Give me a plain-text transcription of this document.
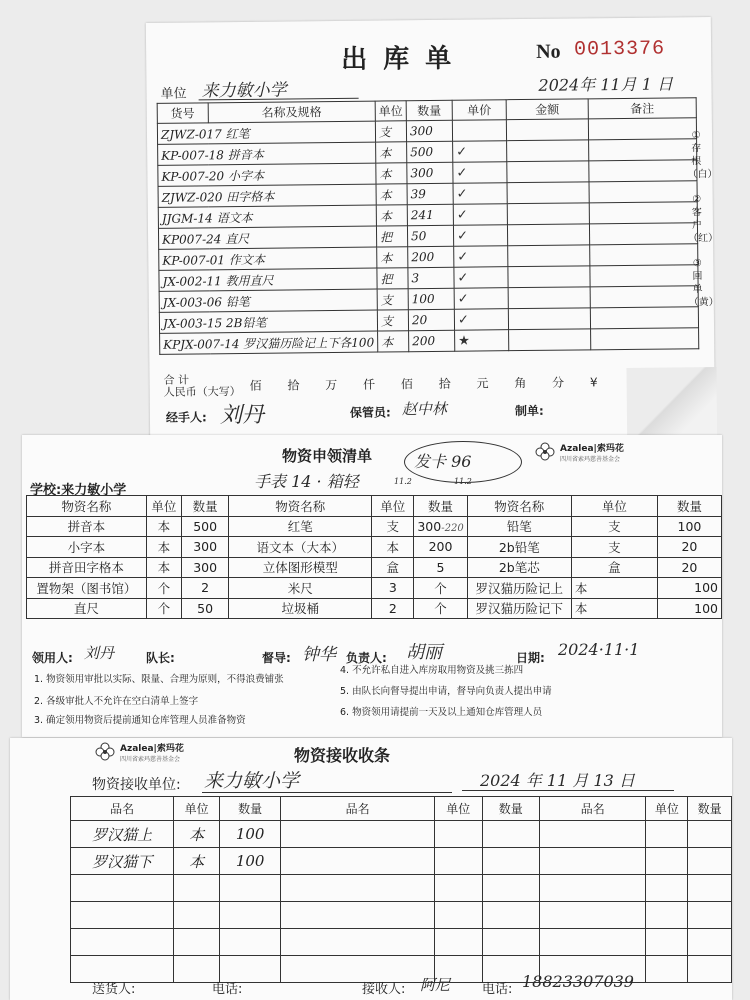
出库单	No 0013376
单位 来力敏小学	2024年 11月 1 日
货号	名称及规格	单位	数量	单价	金额	备注
ZJWZ-017 红笔		支	300			
KP-007-18 拼音本		本	500	✓		
KP-007-20 小字本		本	300	✓		
ZJWZ-020 田字格本		本	39	✓		
JJGM-14 语文本		本	241	✓		
KP007-24 直尺		把	50	✓		
KP-007-01 作文本		本	200	✓		
JX-002-11 教用直尺		把	3	✓		
JX-003-06 铅笔		支	100	✓		
JX-003-15 2B铅笔		支	20	✓		
KPJX-007-14 罗汉猫历险记上下各100		本	200	★		
合 计
人民币（大写） 佰 拾 万 仟 佰 拾 元 角 分 ¥
经手人: 刘丹	保管员: 赵中林	制单:
①存根（白）
②客户（红）
③回单（黄）
Azalea|索玛花
四川省索玛慈善基金会
物资申领清单
手表 14 · 箱轻
发卡 96
11.2	11.2
学校:来力敏小学
物资名称	单位	数量	物资名称	单位	数量	物资名称	单位	数量
拼音本	本	500	红笔	支	300-220	铅笔	支	100
小字本	本	300	语文本（大本）	本	200	2b铅笔	支	20
拼音田字格本	本	300	立体图形模型	盒	5	2b笔芯	盒	20
置物架（图书馆）	个	2	米尺	3	个	罗汉猫历险记上	本	100
直尺	个	50	垃圾桶	2	个	罗汉猫历险记下	本	100
领用人: 刘丹	队长:	督导: 钟华 负责人: 胡丽	日期: 2024·11·1
1. 物资领用审批以实际、限量、合理为原则，不得浪费铺张
2. 各级审批人不允许在空白清单上签字
3. 确定领用物资后提前通知仓库管理人员准备物资
4. 不允许私自进入库房取用物资及挑三拣四
5. 由队长向督导提出申请，督导向负责人提出申请
6. 物资领用请提前一天及以上通知仓库管理人员
Azalea|索玛花
四川省索玛慈善基金会	物资接收收条
物资接收单位: 来力敏小学	2024 年 11 月 13 日
品名	单位	数量	品名	单位	数量	品名	单位	数量
罗汉猫上	本	100						
罗汉猫下	本	100						

送货人:	电话:	接收人: 阿尼 电话: 18823307039
